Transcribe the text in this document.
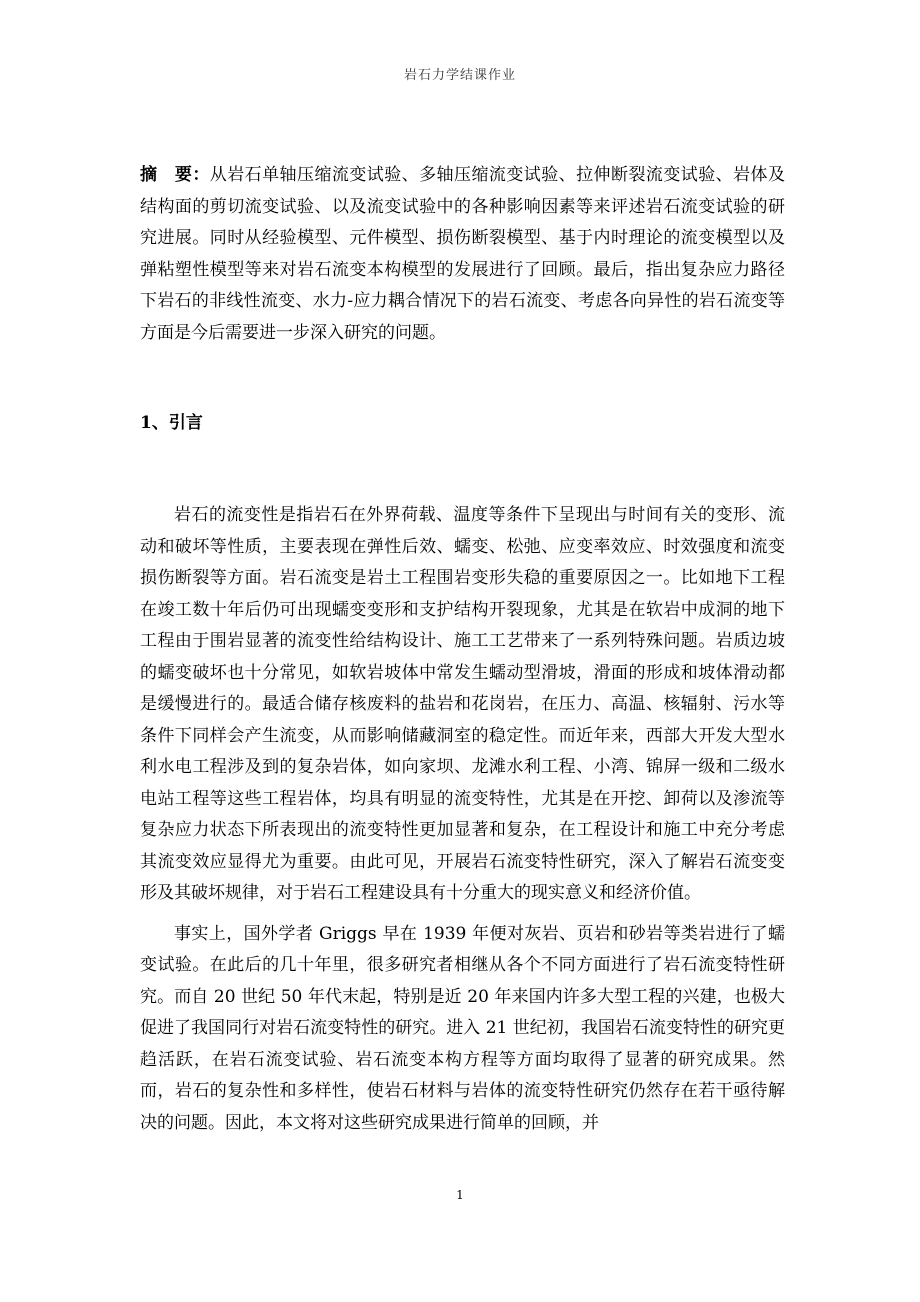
岩石力学结课作业
摘　要：从岩石单轴压缩流变试验、多轴压缩流变试验、拉伸断裂流变试验、岩体及结构面的剪切流变试验、以及流变试验中的各种影响因素等来评述岩石流变试验的研究进展。同时从经验模型、元件模型、损伤断裂模型、基于内时理论的流变模型以及弹粘塑性模型等来对岩石流变本构模型的发展进行了回顾。最后，指出复杂应力路径下岩石的非线性流变、水力-应力耦合情况下的岩石流变、考虑各向异性的岩石流变等方面是今后需要进一步深入研究的问题。
1、引言

岩石的流变性是指岩石在外界荷载、温度等条件下呈现出与时间有关的变形、流动和破坏等性质，主要表现在弹性后效、蠕变、松弛、应变率效应、时效强度和流变损伤断裂等方面。岩石流变是岩土工程围岩变形失稳的重要原因之一。比如地下工程在竣工数十年后仍可出现蠕变变形和支护结构开裂现象，尤其是在软岩中成洞的地下工程由于围岩显著的流变性给结构设计、施工工艺带来了一系列特殊问题。岩质边坡的蠕变破坏也十分常见，如软岩坡体中常发生蠕动型滑坡，滑面的形成和坡体滑动都是缓慢进行的。最适合储存核废料的盐岩和花岗岩，在压力、高温、核辐射、污水等条件下同样会产生流变，从而影响储藏洞室的稳定性。而近年来，西部大开发大型水利水电工程涉及到的复杂岩体，如向家坝、龙滩水利工程、小湾、锦屏一级和二级水电站工程等这些工程岩体，均具有明显的流变特性，尤其是在开挖、卸荷以及渗流等复杂应力状态下所表现出的流变特性更加显著和复杂，在工程设计和施工中充分考虑其流变效应显得尤为重要。由此可见，开展岩石流变特性研究，深入了解岩石流变变形及其破坏规律，对于岩石工程建设具有十分重大的现实意义和经济价值。

事实上，国外学者 Griggs 早在 1939 年便对灰岩、页岩和砂岩等类岩进行了蠕变试验。在此后的几十年里，很多研究者相继从各个不同方面进行了岩石流变特性研究。而自 20 世纪 50 年代末起，特别是近 20 年来国内许多大型工程的兴建，也极大促进了我国同行对岩石流变特性的研究。进入 21 世纪初，我国岩石流变特性的研究更趋活跃，在岩石流变试验、岩石流变本构方程等方面均取得了显著的研究成果。然而，岩石的复杂性和多样性，使岩石材料与岩体的流变特性研究仍然存在若干亟待解决的问题。因此，本文将对这些研究成果进行简单的回顾，并

1
